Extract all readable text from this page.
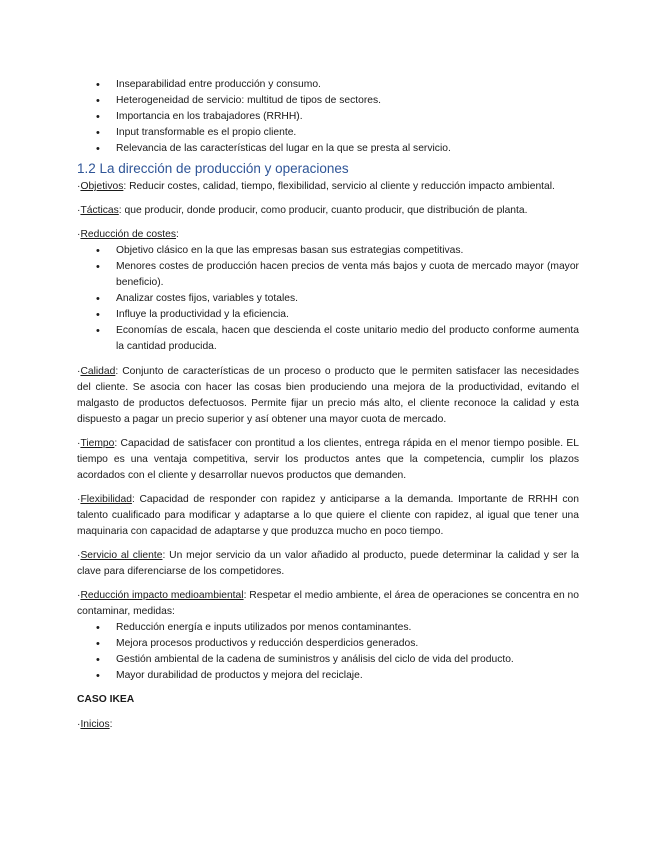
• Inseparabilidad entre producción y consumo.
• Heterogeneidad de servicio: multitud de tipos de sectores.
• Importancia en los trabajadores (RRHH).
• Input transformable es el propio cliente.
• Relevancia de las características del lugar en la que se presta al servicio.
1.2 La dirección de producción y operaciones

·Objetivos: Reducir costes, calidad, tiempo, flexibilidad, servicio al cliente y reducción impacto ambiental.

·Tácticas: que producir, donde producir, como producir, cuanto producir, que distribución de planta.

·Reducción de costes:

• Objetivo clásico en la que las empresas basan sus estrategias competitivas.
• Menores costes de producción hacen precios de venta más bajos y cuota de mercado mayor (mayor beneficio).
• Analizar costes fijos, variables y totales.
• Influye la productividad y la eficiencia.
• Economías de escala, hacen que descienda el coste unitario medio del producto conforme aumenta la cantidad producida.

·Calidad: Conjunto de características de un proceso o producto que le permiten satisfacer las necesidades del cliente. Se asocia con hacer las cosas bien produciendo una mejora de la productividad, evitando el malgasto de productos defectuosos. Permite fijar un precio más alto, el cliente reconoce la calidad y esta dispuesto a pagar un precio superior y así obtener una mayor cuota de mercado.

·Tiempo: Capacidad de satisfacer con prontitud a los clientes, entrega rápida en el menor tiempo posible. EL tiempo es una ventaja competitiva, servir los productos antes que la competencia, cumplir los plazos acordados con el cliente y desarrollar nuevos productos que demanden.

·Flexibilidad: Capacidad de responder con rapidez y anticiparse a la demanda. Importante de RRHH con talento cualificado para modificar y adaptarse a lo que quiere el cliente con rapidez, al igual que tener una maquinaria con capacidad de adaptarse y que produzca mucho en poco tiempo.

·Servicio al cliente: Un mejor servicio da un valor añadido al producto, puede determinar la calidad y ser la clave para diferenciarse de los competidores.

·Reducción impacto medioambiental: Respetar el medio ambiente, el área de operaciones se concentra en no contaminar, medidas:

• Reducción energía e inputs utilizados por menos contaminantes.
• Mejora procesos productivos y reducción desperdicios generados.
• Gestión ambiental de la cadena de suministros y análisis del ciclo de vida del producto.
• Mayor durabilidad de productos y mejora del reciclaje.

CASO IKEA

·Inicios:
